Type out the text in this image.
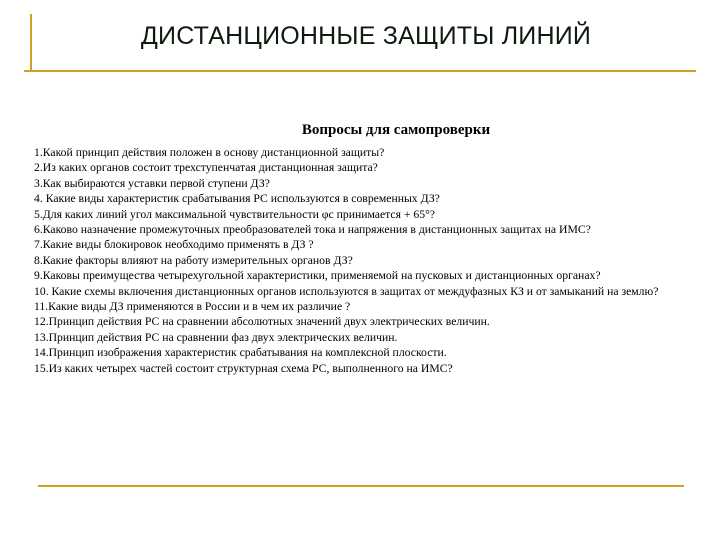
ДИСТАНЦИОННЫЕ ЗАЩИТЫ ЛИНИЙ
Вопросы для самопроверки
1.Какой принцип действия положен в основу дистанционной защиты?
2.Из каких органов состоит трехступенчатая дистанционная защита?
3.Как выбираются уставки первой ступени ДЗ?
4. Какие виды характеристик срабатывания РС используются в современных ДЗ?
5.Для каких линий угол максимальной чувствительности φс принимается + 65°?
6.Каково назначение промежуточных преобразователей тока и напряжения в дистанционных защитах на ИМС?
7.Какие виды блокировок необходимо применять в ДЗ ?
8.Какие факторы влияют на работу измерительных органов ДЗ?
9.Каковы преимущества четырехугольной характеристики, применяемой на пусковых и дистанционных органах?
10. Какие схемы включения дистанционных органов используются в защитах от междуфазных КЗ и от замыканий на землю?
11.Какие виды ДЗ применяются в России и в чем их различие ?
12.Принцип действия РС на сравнении абсолютных значений двух электрических величин.
13.Принцип действия РС на сравнении фаз двух электрических величин.
14.Принцип изображения характеристик срабатывания на комплексной плоскости.
15.Из каких четырех частей состоит структурная схема РС, выполненного на ИМС?
